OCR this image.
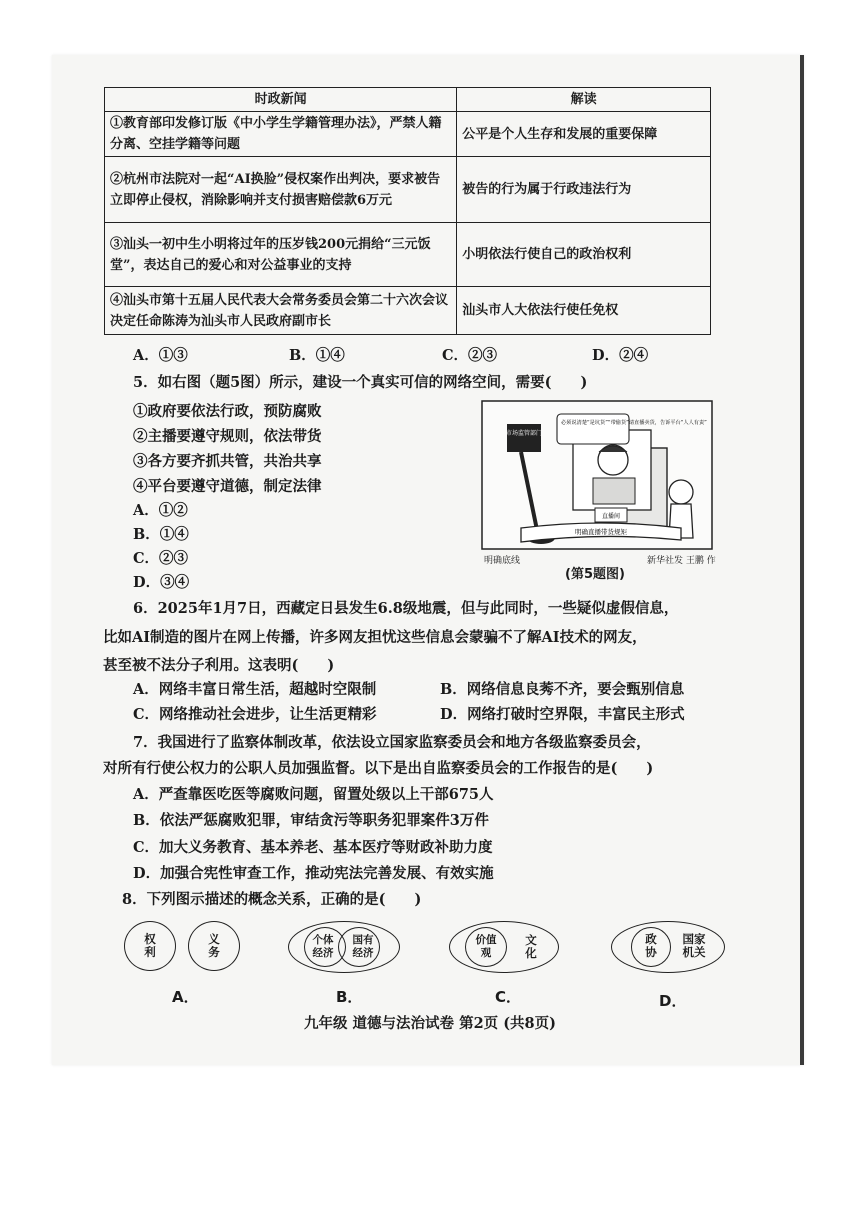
时政新闻	解读
①教育部印发修订版《中小学生学籍管理办法》，严禁人籍分离、空挂学籍等问题	公平是个人生存和发展的重要保障
②杭州市法院对一起“AI换脸”侵权案作出判决，要求被告立即停止侵权，消除影响并支付损害赔偿款6万元	被告的行为属于行政违法行为
③汕头一初中生小明将过年的压岁钱200元捐给“三元饭堂”，表达自己的爱心和对公益事业的支持	小明依法行使自己的政治权利
④汕头市第十五届人民代表大会常务委员会第二十六次会议决定任命陈涛为汕头市人民政府副市长	汕头市人大依法行使任免权
A．①③	B．①④	C．②③	D．②④
5．如右图（题5图）所示，建设一个真实可信的网络空间，需要(　　)
①政府要依法行政，预防腐败
②主播要遵守规则，依法带货
③各方要齐抓共管，共治共享
④平台要遵守道德，制定法律
A．①②
B．①④
C．②③
D．③④
直播间
必须说清楚“是坑货”“带偷货”请直播卖货，告诉平台“人人有责”
市场监管部门
明确直播带货规矩
明确底线	新华社发 王鹏 作
(第5题图)
6．2025年1月7日，西藏定日县发生6.8级地震，但与此同时，一些疑似虚假信息，
比如AI制造的图片在网上传播，许多网友担忧这些信息会蒙骗不了解AI技术的网友，
甚至被不法分子利用。这表明(　　)
A．网络丰富日常生活，超越时空限制	B．网络信息良莠不齐，要会甄别信息
C．网络推动社会进步，让生活更精彩	D．网络打破时空界限，丰富民主形式
7．我国进行了监察体制改革，依法设立国家监察委员会和地方各级监察委员会，
对所有行使公权力的公职人员加强监督。以下是出自监察委员会的工作报告的是(　　)
A．严查靠医吃医等腐败问题，留置处级以上干部675人
B．依法严惩腐败犯罪，审结贪污等职务犯罪案件3万件
C．加大义务教育、基本养老、基本医疗等财政补助力度
D．加强合宪性审查工作，推动宪法完善发展、有效实施
8．下列图示描述的概念关系，正确的是(　　)
权
利
义
务
A．
个体
经济
国有
经济
B．
价值
观
文
化
C．
政
协
国家
机关
D．
九年级 道德与法治试卷 第2页 (共8页)
